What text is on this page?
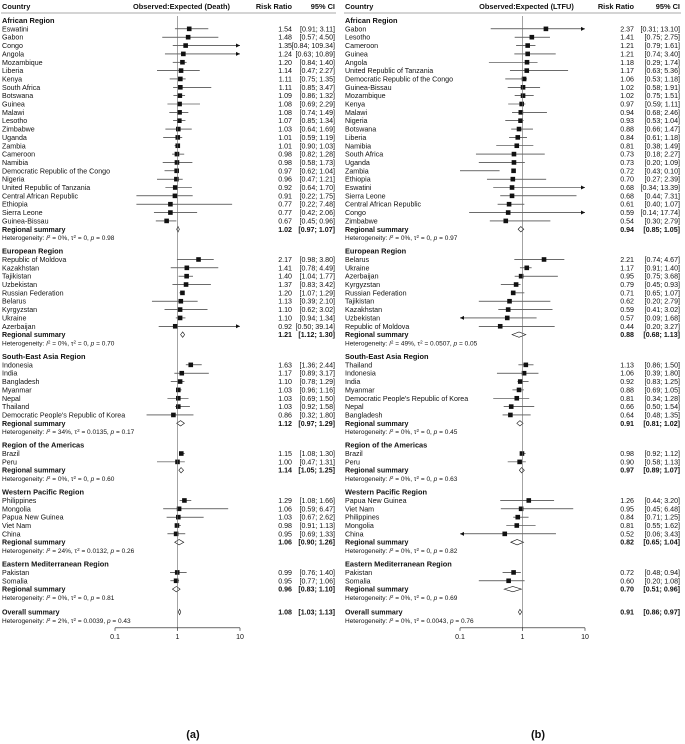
Country	Observed:Expected (Death)	Risk Ratio	95% CI
African Region
Eswatini	1.54 [0.91; 3.11]
Gabon	1.48 [0.57; 4.50]
Congo	1.35 [0.84; 109.34]
Angola	1.24 [0.63; 10.89]
Mozambique	1.20 [0.84; 1.40]
Liberia	1.14 [0.47; 2.27]
Kenya	1.11 [0.75; 1.35]
South Africa	1.11 [0.85; 3.47]
Botswana	1.09 [0.86; 1.32]
Guinea	1.08 [0.69; 2.29]
Malawi	1.08 [0.74; 1.49]
Lesotho	1.07 [0.85; 1.34]
Zimbabwe	1.03 [0.64; 1.69]
Uganda	1.01 [0.59; 1.19]
Zambia	1.01 [0.90; 1.03]
Cameroon	0.98 [0.82; 1.28]
Namibia	0.98 [0.58; 1.73]
Democratic Republic of the Congo	0.97 [0.62; 1.04]
Nigeria	0.96 [0.47; 1.21]
United Republic of Tanzania	0.92 [0.64; 1.70]
Central African Republic	0.91 [0.22; 1.75]
Ethiopia	0.77 [0.22; 7.48]
Sierra Leone	0.77 [0.42; 2.06]
Guinea-Bissau	0.67 [0.45; 0.96]
Regional summary	1.02 [0.97; 1.07]
Heterogeneity: $I^2 = 0\%$, $\tau^2 = 0$, p = 0.98
European Region
Republic of Moldova	2.17 [0.98; 3.80]
Kazakhstan	1.41 [0.78; 4.49]
Tajikistan	1.40 [1.04; 1.77]
Uzbekistan	1.37 [0.83; 3.42]
Russian Federation	1.20 [1.07; 1.29]
Belarus	1.13 [0.39; 2.10]
Kyrgyzstan	1.10 [0.62; 3.02]
Ukraine	1.10 [0.94; 1.34]
Azerbaijan	0.92 [0.50; 39.14]
Regional summary	1.21 [1.12; 1.30]
Heterogeneity: $I^2 = 0\%$, $\tau^2 = 0$, p = 0.70
South-East Asia Region
Indonesia	1.63 [1.36; 2.44]
India	1.17 [0.89; 3.17]
Bangladesh	1.10 [0.78; 1.29]
Myanmar	1.03 [0.96; 1.16]
Nepal	1.03 [0.69; 1.50]
Thailand	1.03 [0.92; 1.58]
Democratic People's Republic of Korea	0.86 [0.32; 1.80]
Regional summary	1.12 [0.97; 1.29]
Heterogeneity: $I^2 = 34\%$, $\tau^2 = 0.0135$, p = 0.17
Region of the Americas
Brazil	1.15 [1.08; 1.30]
Peru	1.00 [0.47; 1.31]
Regional summary	1.14 [1.05; 1.25]
Heterogeneity: $I^2 = 0\%$, $\tau^2 = 0$, p = 0.60
Western Pacific Region
Philippines	1.29 [1.08; 1.66]
Mongolia	1.06 [0.59; 6.47]
Papua New Guinea	1.03 [0.67; 2.62]
Viet Nam	0.98 [0.91; 1.13]
China	0.95 [0.69; 1.33]
Regional summary	1.06 [0.90; 1.26]
Heterogeneity: $I^2 = 24\%$, $\tau^2 = 0.0132$, p = 0.26
Eastern Mediterranean Region
Pakistan	0.99 [0.76; 1.40]
Somalia	0.95 [0.77; 1.06]
Regional summary	0.96 [0.83; 1.10]
Heterogeneity: $I^2 = 0\%$, $\tau^2 = 0$, p = 0.81
Overall summary	1.08 [1.03; 1.13]
Heterogeneity: $I^2 = 2\%$, $\tau^2 = 0.0039$, p = 0.43
0.1	1	10
(a)
Country	Observed:Expected (LTFU)	Risk Ratio	95% CI
African Region
Gabon	2.37 [0.31; 13.10]
Lesotho	1.41 [0.75; 2.75]
Cameroon	1.21 [0.79; 1.61]
Guinea	1.21 [0.74; 3.40]
Angola	1.18 [0.29; 1.74]
United Republic of Tanzania	1.17 [0.63; 5.36]
Democratic Republic of the Congo	1.06 [0.53; 1.18]
Guinea-Bissau	1.02 [0.58; 1.91]
Mozambique	1.02 [0.75; 1.51]
Kenya	0.97 [0.59; 1.11]
Malawi	0.94 [0.68; 2.46]
Nigeria	0.93 [0.53; 1.04]
Botswana	0.88 [0.66; 1.47]
Liberia	0.84 [0.61; 1.18]
Namibia	0.81 [0.38; 1.49]
South Africa	0.73 [0.18; 2.27]
Uganda	0.73 [0.20; 1.09]
Zambia	0.72 [0.43; 0.10]
Ethiopia	0.70 [0.27; 2.39]
Eswatini	0.68 [0.34; 13.39]
Sierra Leone	0.68 [0.44; 7.31]
Central African Republic	0.61 [0.40; 1.07]
Congo	0.59 [0.14; 17.74]
Zimbabwe	0.54 [0.30; 2.79]
Regional summary	0.94 [0.85; 1.05]
Heterogeneity: $I^2 = 0\%$, $\tau^2 = 0$, p = 0.97
European Region
Belarus	2.21 [0.74; 4.67]
Ukraine	1.17 [0.91; 1.40]
Azerbaijan	0.95 [0.75; 3.68]
Kyrgyzstan	0.79 [0.45; 0.93]
Russian Federation	0.71 [0.65; 1.07]
Tajikistan	0.62 [0.20; 2.79]
Kazakhstan	0.59 [0.41; 3.02]
Uzbekistan	0.57 [0.09; 1.68]
Republic of Moldova	0.44 [0.20; 3.27]
Regional summary	0.88 [0.68; 1.13]
Heterogeneity: $I^2 = 49\%$, $\tau^2 = 0.0507$, p = 0.05
South-East Asia Region
Thailand	1.13 [0.86; 1.50]
Indonesia	1.06 [0.39; 1.80]
India	0.92 [0.83; 1.25]
Myanmar	0.88 [0.69; 1.05]
Democratic People's Republic of Korea	0.81 [0.34; 1.28]
Nepal	0.66 [0.50; 1.54]
Bangladesh	0.64 [0.48; 1.35]
Regional summary	0.91 [0.81; 1.02]
Heterogeneity: $I^2 = 0\%$, $\tau^2 = 0$, p = 0.45
Region of the Americas
Brazil	0.98 [0.92; 1.12]
Peru	0.90 [0.58; 1.13]
Regional summary	0.97 [0.89; 1.07]
Heterogeneity: $I^2 = 0\%$, $\tau^2 = 0$, p = 0.63
Western Pacific Region
Papua New Guinea	1.26 [0.44; 3.20]
Viet Nam	0.95 [0.45; 6.48]
Philippines	0.84 [0.71; 1.25]
Mongolia	0.81 [0.55; 1.62]
China	0.52 [0.06; 3.43]
Regional summary	0.82 [0.65; 1.04]
Heterogeneity: $I^2 = 0\%$, $\tau^2 = 0$, p = 0.82
Eastern Mediterranean Region
Pakistan	0.72 [0.48; 0.94]
Somalia	0.60 [0.20; 1.08]
Regional summary	0.70 [0.51; 0.96]
Heterogeneity: $I^2 = 0\%$, $\tau^2 = 0$, p = 0.69
Overall summary	0.91 [0.86; 0.97]
Heterogeneity: $I^2 = 0\%$, $\tau^2 = 0.0043$, p = 0.76
0.1	1	10
(b)
